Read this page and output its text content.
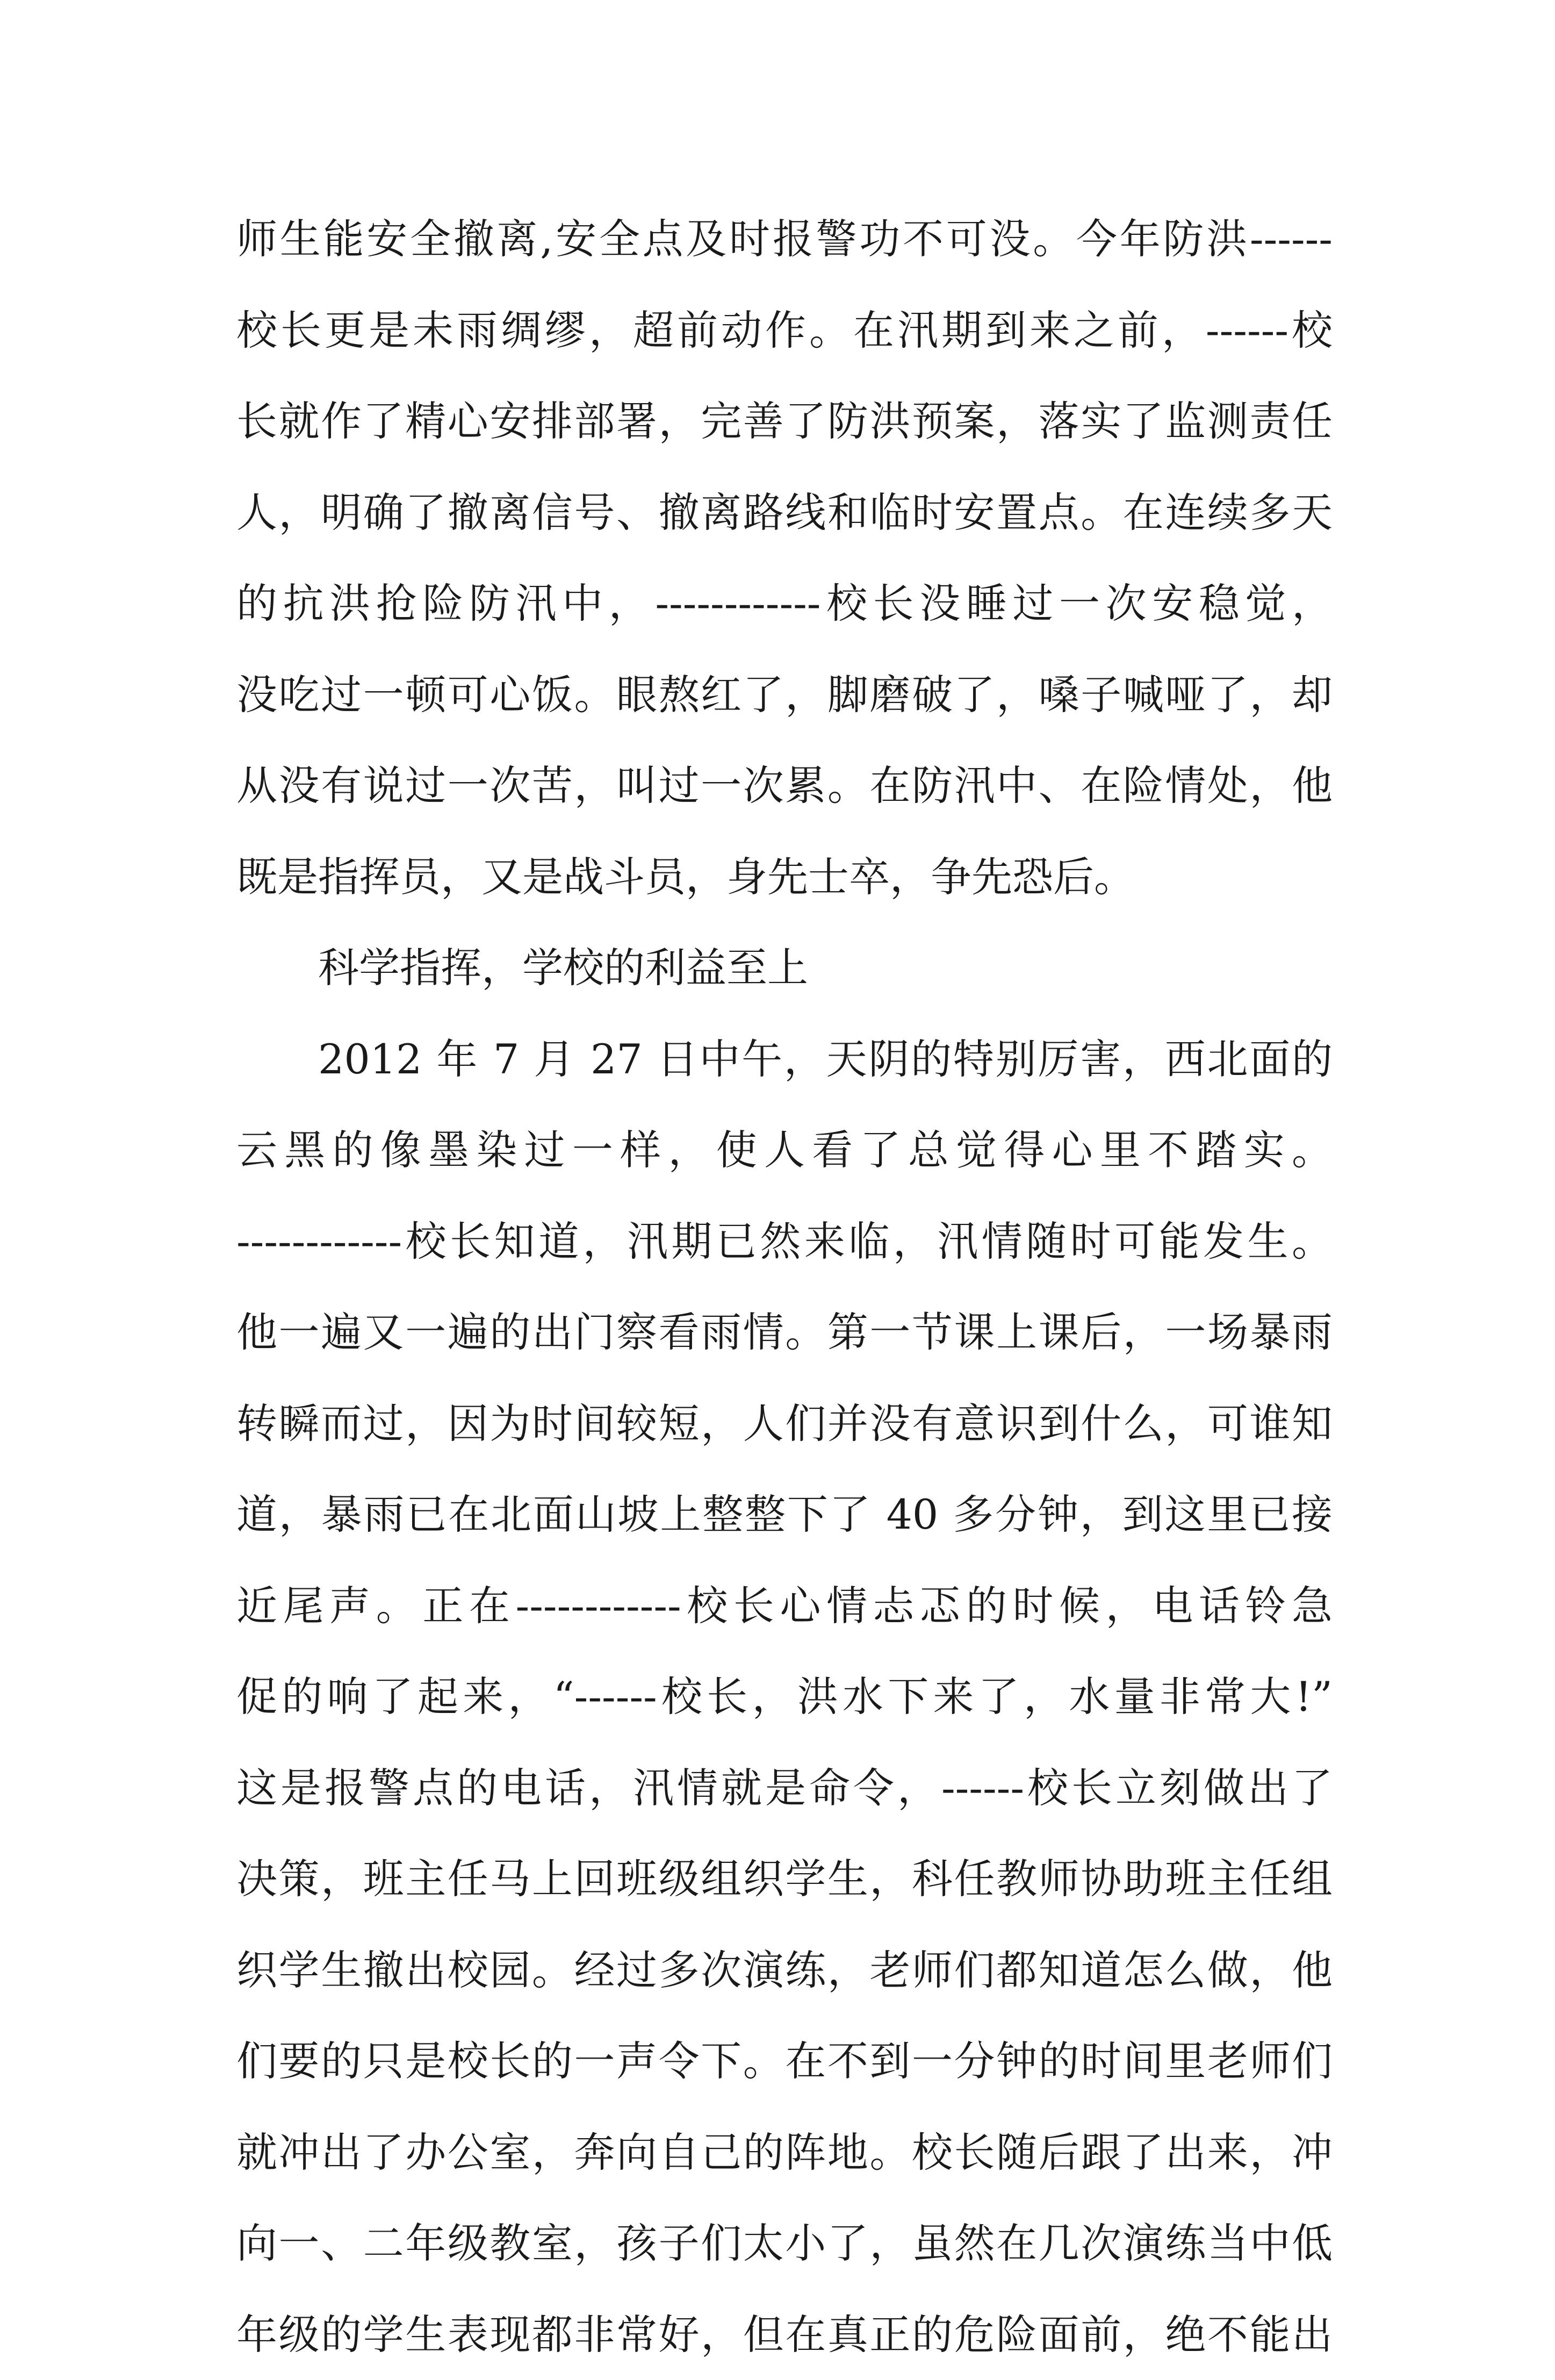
师生能安全撤离,安全点及时报警功不可没。今年防洪------
校长更是未雨绸缪，超前动作。在汛期到来之前，------校
长就作了精心安排部署，完善了防洪预案，落实了监测责任
人，明确了撤离信号、撤离路线和临时安置点。在连续多天
的抗洪抢险防汛中，------------校长没睡过一次安稳觉，
没吃过一顿可心饭。眼熬红了，脚磨破了，嗓子喊哑了，却
从没有说过一次苦，叫过一次累。在防汛中、在险情处，他
既是指挥员，又是战斗员，身先士卒，争先恐后。
科学指挥，学校的利益至上
2012 年 7 月 27 日中午，天阴的特别厉害，西北面的
云黑的像墨染过一样，使人看了总觉得心里不踏实。
------------校长知道，汛期已然来临，汛情随时可能发生。
他一遍又一遍的出门察看雨情。第一节课上课后，一场暴雨
转瞬而过，因为时间较短，人们并没有意识到什么，可谁知
道，暴雨已在北面山坡上整整下了 40 多分钟，到这里已接
近尾声。正在------------校长心情忐忑的时候，电话铃急
促的响了起来，“------校长，洪水下来了，水量非常大!”
这是报警点的电话，汛情就是命令，------校长立刻做出了
决策，班主任马上回班级组织学生，科任教师协助班主任组
织学生撤出校园。经过多次演练，老师们都知道怎么做，他
们要的只是校长的一声令下。在不到一分钟的时间里老师们
就冲出了办公室，奔向自己的阵地。校长随后跟了出来，冲
向一、二年级教室，孩子们太小了，虽然在几次演练当中低
年级的学生表现都非常好，但在真正的危险面前，绝不能出
